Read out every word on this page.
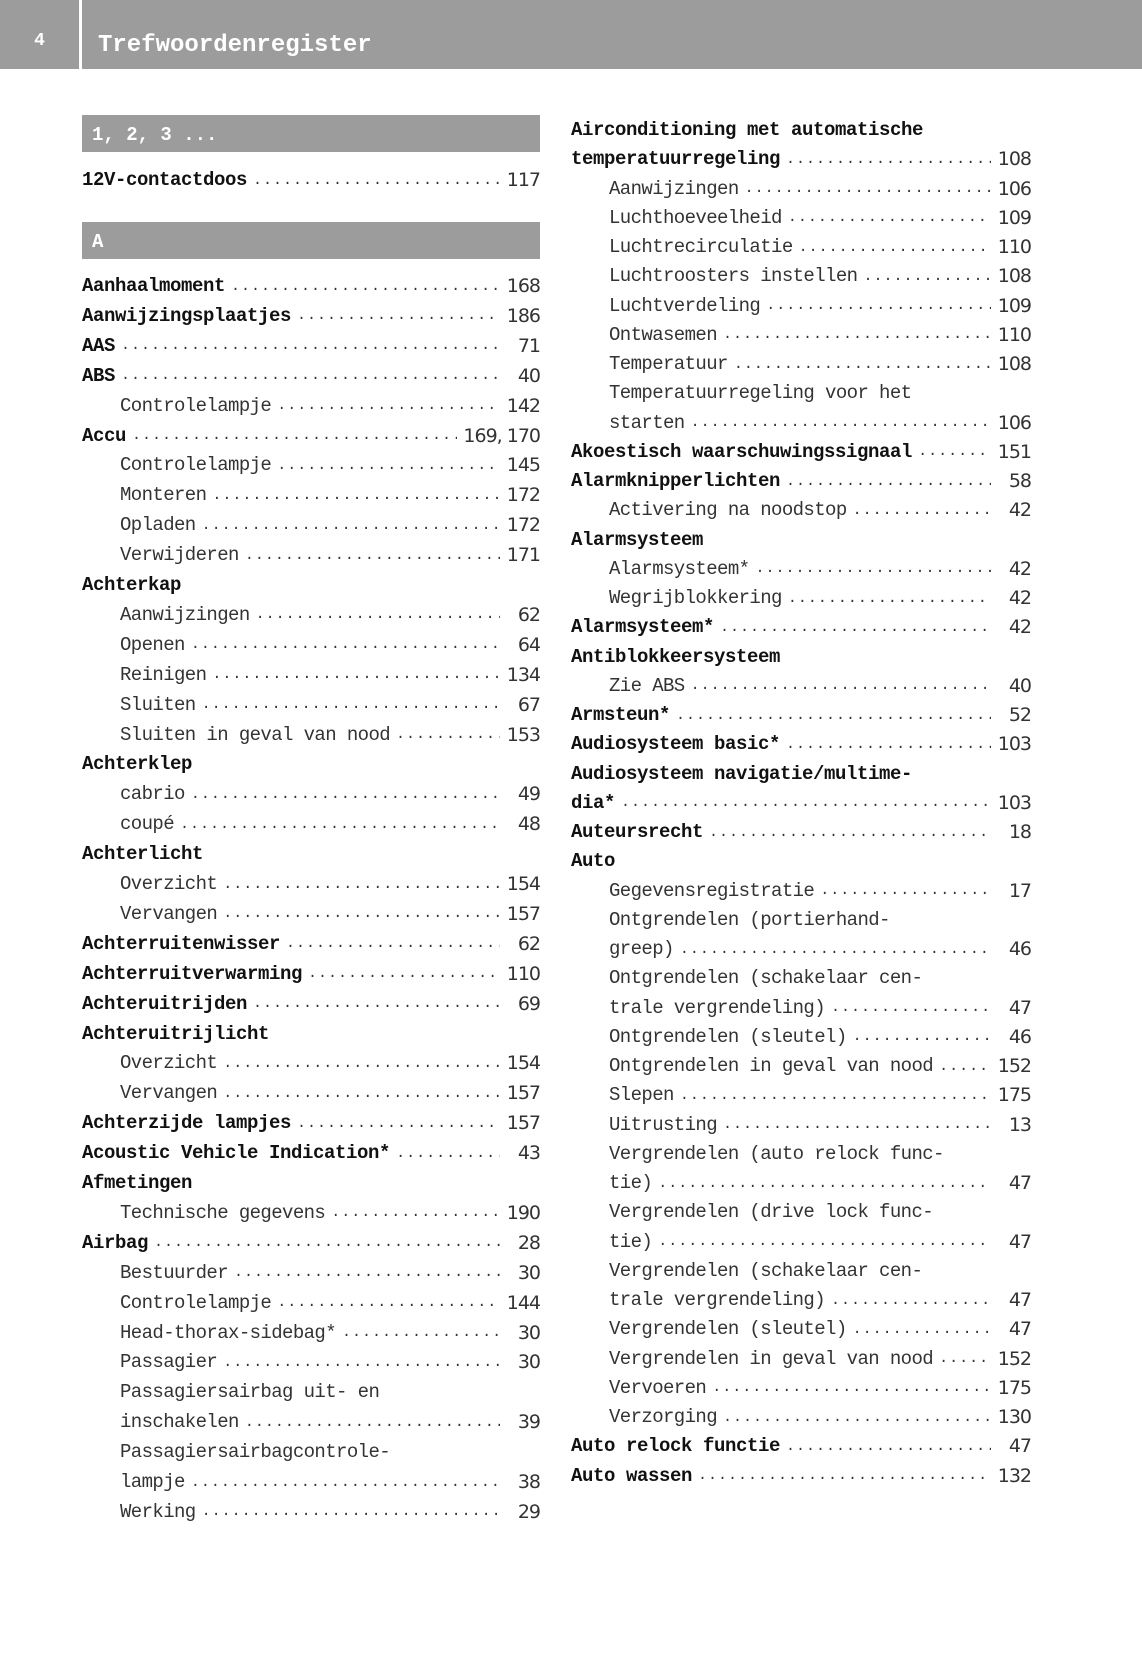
4	Trefwoordenregister
1, 2, 3 ...
A
12V-contactdoos .....	117
Aanhaalmoment .....	168
Aanwijzingsplaatjes .....	186
AAS .....	71
ABS .....	40
Controlelampje .....	142
Accu .....	169, 170
Controlelampje .....	145
Monteren .....	172
Opladen .....	172
Verwijderen .....	171
Achterkap
Aanwijzingen .....	62
Openen .....	64
Reinigen .....	134
Sluiten .....	67
Sluiten in geval van nood .....	153
Achterklep
cabrio .....	49
coupé .....	48
Achterlicht
Overzicht .....	154
Vervangen .....	157
Achterruitenwisser .....	62
Achterruitverwarming .....	110
Achteruitrijden .....	69
Achteruitrijlicht
Overzicht .....	154
Vervangen .....	157
Achterzijde lampjes .....	157
Acoustic Vehicle Indication* .....	43
Afmetingen
Technische gegevens .....	190
Airbag .....	28
Bestuurder .....	30
Controlelampje .....	144
Head-thorax-sidebag* .....	30
Passagier .....	30
Passagiersairbag uit- en
inschakelen .....	39
Passagiersairbagcontrole-
lampje .....	38
Werking .....	29
Airconditioning met automatische
temperatuurregeling .....	108
Aanwijzingen .....	106
Luchthoeveelheid .....	109
Luchtrecirculatie .....	110
Luchtroosters instellen .....	108
Luchtverdeling .....	109
Ontwasemen .....	110
Temperatuur .....	108
Temperatuurregeling voor het
starten .....	106
Akoestisch waarschuwingssignaal .....	151
Alarmknipperlichten .....	58
Activering na noodstop .....	42
Alarmsysteem
Alarmsysteem* .....	42
Wegrijblokkering .....	42
Alarmsysteem* .....	42
Antiblokkeersysteem
Zie ABS .....	40
Armsteun* .....	52
Audiosysteem basic* .....	103
Audiosysteem navigatie/multime-
dia* .....	103
Auteursrecht .....	18
Auto
Gegevensregistratie .....	17
Ontgrendelen (portierhand-
greep) .....	46
Ontgrendelen (schakelaar cen-
trale vergrendeling) .....	47
Ontgrendelen (sleutel) .....	46
Ontgrendelen in geval van nood .....	152
Slepen .....	175
Uitrusting .....	13
Vergrendelen (auto relock func-
tie) .....	47
Vergrendelen (drive lock func-
tie) .....	47
Vergrendelen (schakelaar cen-
trale vergrendeling) .....	47
Vergrendelen (sleutel) .....	47
Vergrendelen in geval van nood .....	152
Vervoeren .....	175
Verzorging .....	130
Auto relock functie .....	47
Auto wassen .....	132
